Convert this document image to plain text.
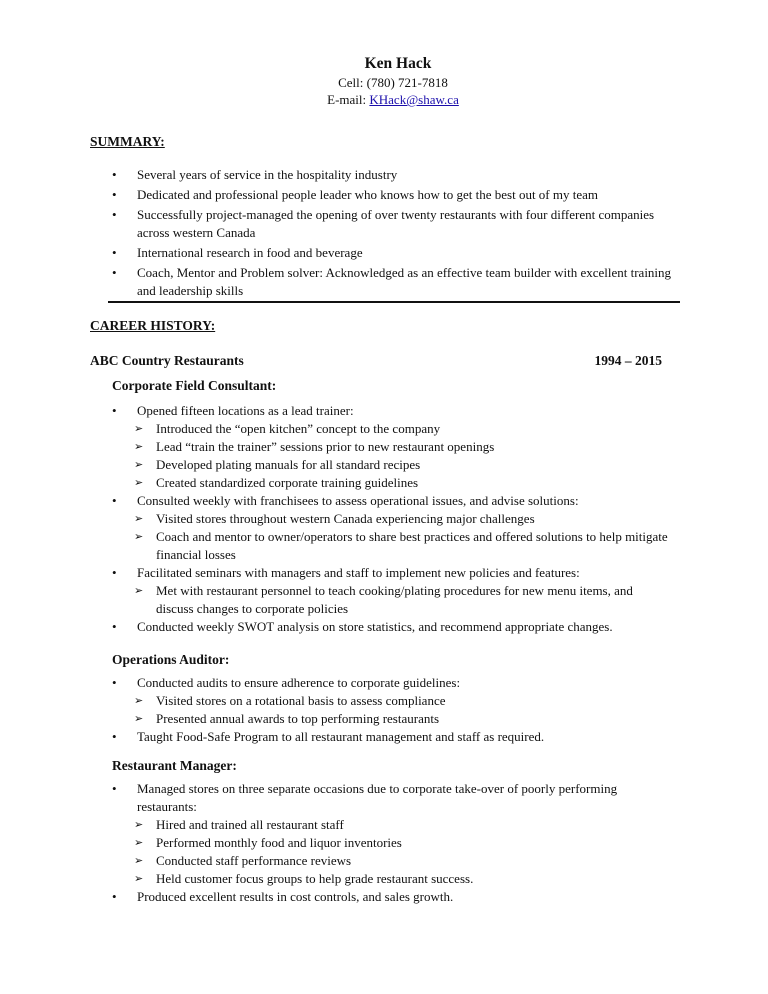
Ken Hack
Cell: (780) 721-7818
E-mail: KHack@shaw.ca
SUMMARY:
• Several years of service in the hospitality industry
• Dedicated and professional people leader who knows how to get the best out of my team
• Successfully project-managed the opening of over twenty restaurants with four different companies across western Canada
• International research in food and beverage
• Coach, Mentor and Problem solver: Acknowledged as an effective team builder with excellent training and leadership skills
CAREER HISTORY:
ABC Country Restaurants	1994 – 2015
Corporate Field Consultant:
• Opened fifteen locations as a lead trainer:
➢ Introduced the “open kitchen” concept to the company
➢ Lead “train the trainer” sessions prior to new restaurant openings
➢ Developed plating manuals for all standard recipes
➢ Created standardized corporate training guidelines
• Consulted weekly with franchisees to assess operational issues, and advise solutions:
➢ Visited stores throughout western Canada experiencing major challenges
➢ Coach and mentor to owner/operators to share best practices and offered solutions to help mitigate financial losses
• Facilitated seminars with managers and staff to implement new policies and features:
➢ Met with restaurant personnel to teach cooking/plating procedures for new menu items, and discuss changes to corporate policies
• Conducted weekly SWOT analysis on store statistics, and recommend appropriate changes.
Operations Auditor:
• Conducted audits to ensure adherence to corporate guidelines:
➢ Visited stores on a rotational basis to assess compliance
➢ Presented annual awards to top performing restaurants
• Taught Food-Safe Program to all restaurant management and staff as required.
Restaurant Manager:
• Managed stores on three separate occasions due to corporate take-over of poorly performing restaurants:
➢ Hired and trained all restaurant staff
➢ Performed monthly food and liquor inventories
➢ Conducted staff performance reviews
➢ Held customer focus groups to help grade restaurant success.
• Produced excellent results in cost controls, and sales growth.
